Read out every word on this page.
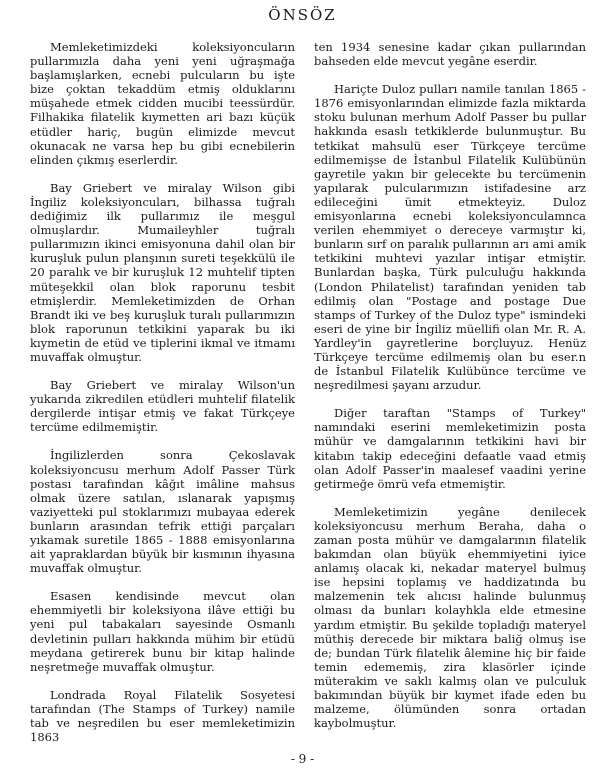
ÖNSÖZ

Memleketimizdeki koleksiyoncuların pullarımızla daha yeni yeni uğraşmağa başlamışlarken, ecnebi pulcuların bu işte bize çoktan tekaddüm etmiş olduklarını müşahede etmek cidden mucibi teessürdür. Filhakika filatelik kıymetten ari bazı küçük etüdler hariç, bugün elimizde mevcut okunacak ne varsa hep bu gibi ecnebilerin elinden çıkmış eserlerdir.

Bay Griebert ve miralay Wilson gibi İngiliz koleksiyoncuları, bilhassa tuğralı dediğimiz ilk pullarımız ile meşgul olmuşlardır. Mumaileyhler tuğralı pullarımızın ikinci emisyonuna dahil olan bir kuruşluk pulun planşının sureti teşekkülü ile 20 paralık ve bir kuruşluk 12 muhtelif tipten müteşekkil olan blok raporunu tesbit etmişlerdir. Memleketimizden de Orhan Brandt iki ve beş kuruşluk turalı pullarımızın blok raporunun tetkikini yaparak bu iki kıymetin de etüd ve tiplerini ikmal ve itmamı muvaffak olmuştur.

Bay Griebert ve miralay Wilson'un yukarıda zikredilen etüdleri muhtelif filatelik dergilerde intişar etmiş ve fakat Türkçeye tercüme edilmemiştir.

İngilizlerden sonra Çekoslavak koleksiyoncusu merhum Adolf Passer Türk postası tarafından kâğıt imâline mahsus olmak üzere satılan, ıslanarak yapışmış vaziyetteki pul stoklarımızı mubayaa ederek bunların arasından tefrik ettiği parçaları yıkamak suretile 1865 - 1888 emisyonlarına ait yapraklardan büyük bir kısmının ihyasına muvaffak olmuştur.

Esasen kendisinde mevcut olan ehemmiyetli bir koleksiyona ilâve ettiği bu yeni pul tabakaları sayesinde Osmanlı devletinin pulları hakkında mühim bir etüdü meydana getirerek bunu bir kitap halinde neşretmeğe muvaffak olmuştur.

Londrada Royal Filatelik Sosyetesi tarafından (The Stamps of Turkey) namile tab ve neşredilen bu eser memleketimizin 1863

ten 1934 senesine kadar çıkan pullarından bahseden elde mevcut yegâne eserdir.

Hariçte Duloz pulları namile tanılan 1865 - 1876 emisyonlarından elimizde fazla miktarda stoku bulunan merhum Adolf Passer bu pullar hakkında esaslı tetkiklerde bulunmuştur. Bu tetkikat mahsulü eser Türkçeye tercüme edilmemişse de İstanbul Filatelik Kulübünün gayretile yakın bir gelecekte bu tercümenin yapılarak pulcularımızın istifadesine arz edileceğini ümit etmekteyiz. Duloz emisyonlarına ecnebi koleksiyonculamnca verilen ehemmiyet o dereceye varmıştır ki, bunların sırf on paralık pullarının arı ami amik tetkikini muhtevi yazılar intişar etmiştir. Bunlardan başka, Türk pulculuğu hakkında (London Philatelist) tarafından yeniden tab edilmiş olan "Postage and postage Due stamps of Turkey of the Duloz type" ismindeki eseri de yine bir İngiliz müellifi olan Mr. R. A. Yardley'in gayretlerine borçluyuz. Henüz Türkçeye tercüme edilmemiş olan bu eser.n de İstanbul Filatelik Kulübünce tercüme ve neşredilmesi şayanı arzudur.

Diğer taraftan "Stamps of Turkey" namındaki eserini memleketimizin posta mühür ve damgalarının tetkikini havi bir kitabın takip edeceğini defaatle vaad etmiş olan Adolf Passer'in maalesef vaadini yerine getirmeğe ömrü vefa etmemiştir.

Memleketimizin yegâne denilecek koleksiyoncusu merhum Beraha, daha o zaman posta mühür ve damgalarının filatelik bakımdan olan büyük ehemmiyetini iyice anlamış olacak ki, nekadar materyel bulmuş ise hepsini toplamış ve haddizatında bu malzemenin tek alıcısı halinde bulunmuş olması da bunları kolayhkla elde etmesine yardım etmiştir. Bu şekilde topladığı materyel müthiş derecede bir miktara baliğ olmuş ise de; bundan Türk filatelik âlemine hiç bir faide temin edememiş, zira klasörler içinde müterakim ve saklı kalmış olan ve pulculuk bakımından büyük bir kıymet ifade eden bu malzeme, ölümünden sonra ortadan kaybolmuştur.

- 9 -
